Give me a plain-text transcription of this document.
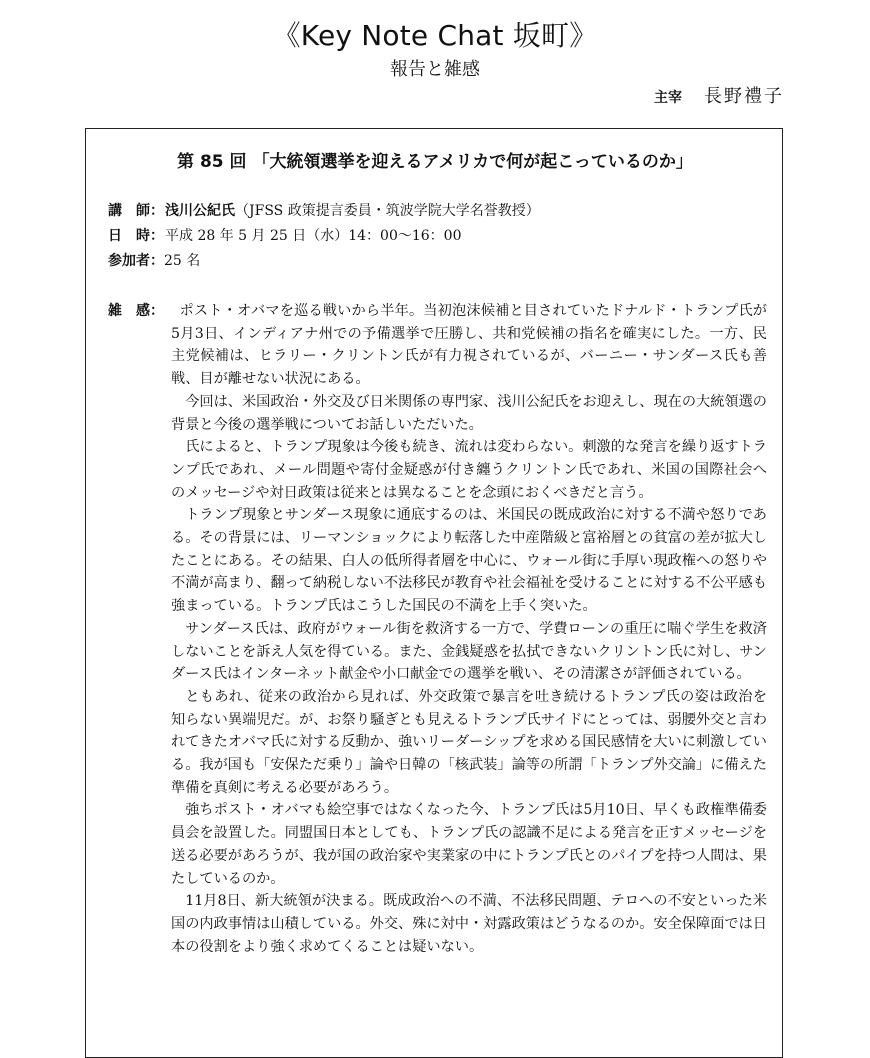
《Key Note Chat 坂町》
報告と雑感
主宰 長野禮子
第 85 回 「大統領選挙を迎えるアメリカで何が起こっているのか」
講　師：浅川公紀氏（JFSS 政策提言委員・筑波学院大学名誉教授）
日　時：平成 28 年 5 月 25 日（水）14：00～16：00
参加者：25 名
雑　感：	ポスト・オバマを巡る戦いから半年。当初泡沫候補と目されていたドナルド・トランプ氏が5月3日、インディアナ州での予備選挙で圧勝し、共和党候補の指名を確実にした。一方、民主党候補は、ヒラリー・クリントン氏が有力視されているが、バーニー・サンダース氏も善戦、目が離せない状況にある。

今回は、米国政治・外交及び日米関係の専門家、浅川公紀氏をお迎えし、現在の大統領選の背景と今後の選挙戦についてお話しいただいた。

氏によると、トランプ現象は今後も続き、流れは変わらない。刺激的な発言を繰り返すトランプ氏であれ、メール問題や寄付金疑惑が付き纏うクリントン氏であれ、米国の国際社会へのメッセージや対日政策は従来とは異なることを念頭におくべきだと言う。

トランプ現象とサンダース現象に通底するのは、米国民の既成政治に対する不満や怒りである。その背景には、リーマンショックにより転落した中産階級と富裕層との貧富の差が拡大したことにある。その結果、白人の低所得者層を中心に、ウォール街に手厚い現政権への怒りや不満が高まり、翻って納税しない不法移民が教育や社会福祉を受けることに対する不公平感も強まっている。トランプ氏はこうした国民の不満を上手く突いた。

サンダース氏は、政府がウォール街を救済する一方で、学費ローンの重圧に喘ぐ学生を救済しないことを訴え人気を得ている。また、金銭疑惑を払拭できないクリントン氏に対し、サンダース氏はインターネット献金や小口献金での選挙を戦い、その清潔さが評価されている。

ともあれ、従来の政治から見れば、外交政策で暴言を吐き続けるトランプ氏の姿は政治を知らない異端児だ。が、お祭り騒ぎとも見えるトランプ氏サイドにとっては、弱腰外交と言われてきたオバマ氏に対する反動か、強いリーダーシップを求める国民感情を大いに刺激している。我が国も「安保ただ乗り」論や日韓の「核武装」論等の所謂「トランプ外交論」に備えた準備を真剣に考える必要があろう。

強ちポスト・オバマも絵空事ではなくなった今、トランプ氏は5月10日、早くも政権準備委員会を設置した。同盟国日本としても、トランプ氏の認識不足による発言を正すメッセージを送る必要があろうが、我が国の政治家や実業家の中にトランプ氏とのパイプを持つ人間は、果たしているのか。

11月8日、新大統領が決まる。既成政治への不満、不法移民問題、テロへの不安といった米国の内政事情は山積している。外交、殊に対中・対露政策はどうなるのか。安全保障面では日本の役割をより強く求めてくることは疑いない。
